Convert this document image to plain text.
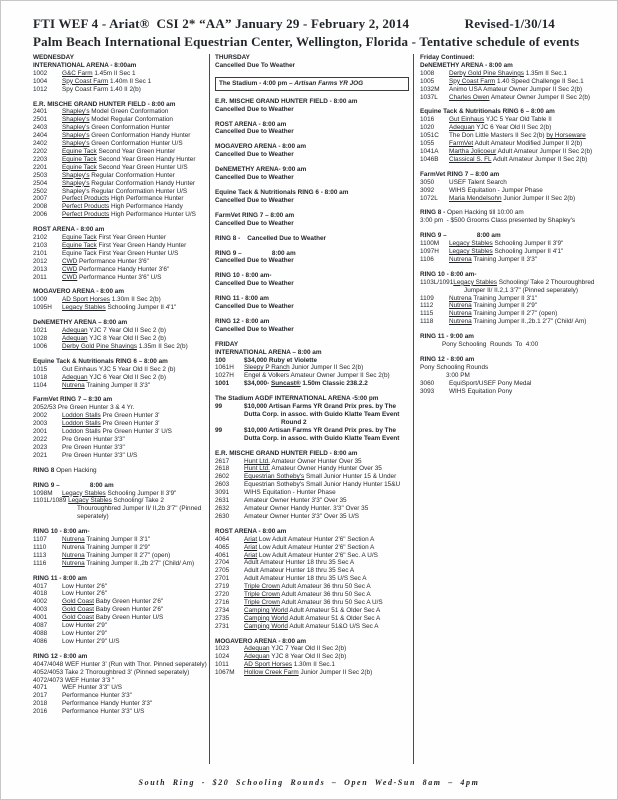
FTI WEF 4 - Ariat®  CSI 2* “AA” January 29 - February 2, 2014	Revised-1/30/14
Palm Beach International Equestrian Center, Wellington, Florida - Tentative schedule of events
WEDNESDAY
INTERNATIONAL ARENA - 8:00am
1002	G&C Farm 1.45m II Sec 1
1004	Spy Coast Farm 1.40m II Sec 1
1012	Spy Coast Farm 1.40 II 2(b)
E.R. MISCHE GRAND HUNTER FIELD - 8:00 am
2401	Shapley's Model Green Conformation
2501	Shapley's Model Regular Conformation
2403	Shapley's Green Conformation Hunter
2404	Shapley's Green Conformation Handy Hunter
2402	Shapley's Green Conformation Hunter U/S
2202	Equine Tack Second Year Green Hunter
2203	Equine Tack Second Year Green Handy Hunter
2201	Equine Tack Second Year Green Hunter U/S
2503	Shapley's Regular Conformation Hunter
2504	Shapley's Regular Conformation Handy Hunter
2502	Shapley's Regular Conformation Hunter U/S
2007	Perfect Products High Performance Hunter
2008	Perfect Products High Performance Handy
2006	Perfect Products High Performance Hunter U/S
ROST ARENA - 8:00 am
2102	Equine Tack First Year Green Hunter
2103	Equine Tack First Year Green Handy Hunter
2101	Equine Tack First Year Green Hunter U/S
2012	CWD Performance Hunter 3'6"
2013	CWD Performance Handy Hunter 3'6"
2011	CWD Performance Hunter 3'6" U/S
MOGAVERO ARENA - 8:00 am
1009	AD Sport Horses 1.30m II Sec 2(b)
1095H	Legacy Stables Schooling Jumper II 4'1"
DeNEMETHY ARENA – 8:00 am
1021	Adequan YJC 7 Year Old II Sec 2 (b)
1028	Adequan YJC 8 Year Old II Sec 2 (b)
1006	Derby Gold Pine Shavings 1.35m II Sec 2(b)
Equine Tack & Nutritionals RING 6 – 8:00 am
1015	Gut Einhaus YJC 5 Year Old II Sec 2 (b)
1018	Adequan YJC 6 Year Old II Sec 2 (b)
1104	Nutrena Training Jumper II 3'3"
FarmVet RING 7 – 8:30 am
2052/53 Pre Green Hunter 3 & 4 Yr.
2002	Loddon Stalls Pre Green Hunter 3'
2003	Loddon Stalls Pre Green Hunter 3'
2001	Loddon Stalls Pre Green Hunter 3' U/S
2022	Pre Green Hunter 3'3"
2023	Pre Green Hunter 3'3"
2021	Pre Green Hunter 3'3" U/S
RING 8 Open Hacking
RING 9 –                 8:00 am
1098M	Legacy Stables Schooling Jumper II 3'9"
1101L/1089 Legacy Stables Schooling/ Take 2 Thouroughbred Jumper II/ II,2b 3'7" (Pinned seperately)
RING 10 - 8:00 am-
1107	Nutrena Training Jumper II 3'1"
1110	Nutrena Training Jumper II 2'9"
1113	Nutrena Training Jumper II 2'7" (open)
1116	Nutrena Training Jumper II.,2b 2'7" (Child/ Am)
RING 11 - 8:00 am
4017	Low Hunter 2'6"
4018	Low Hunter 2'6"
4002	Gold Coast Baby Green Hunter 2'6"
4003	Gold Coast Baby Green Hunter 2'6"
4001	Gold Coast Baby Green Hunter U/S
4087	Low Hunter 2'9"
4088	Low Hunter 2'9"
4086	Low Hunter 2'9" U/S
RING 12 - 8:00 am
4047/4048 WEF Hunter 3' (Run with Thor. Pinned seperately)
4052/4053 Take 2 Thoroughbred 3' (Pinned seperately)
4072/4073 WEF Hunter 3'3 "
4071	WEF Hunter 3'3" U/S
2017	Performance Hunter 3'3"
2018	Performance Handy Hunter 3'3"
2016	Performance Hunter 3'3" U/S
THURSDAY
Cancelled Due To Weather
The Stadium - 4:00 pm – Artisan Farms YR JOG
E.R. MISCHE GRAND HUNTER FIELD - 8:00 am
Cancelled Due to Weather
ROST ARENA - 8:00 am
Cancelled Due to Weather
MOGAVERO ARENA - 8:00 am
Cancelled Due to Weather
DeNEMETHY ARENA- 9:00 am
Cancelled Due to Weather
Equine Tack & Nutritionals RING 6 - 8:00 am
Cancelled Due to Weather
FarmVet RING 7 – 8:00 am
Cancelled Due to Weather
RING 8 -    Cancelled Due to Weather
RING 9 –                 8:00 am
Cancelled Due to Weather
RING 10 - 8:00 am-
Cancelled Due to Weather
RING 11 - 8:00 am
Cancelled Due to Weather
RING 12 - 8:00 am
Cancelled Due to Weather
FRIDAY
INTERNATIONAL ARENA – 8:00 am
100	$34,000 Ruby et Violette
1061H	Sleepy P Ranch Junior Jumper II Sec 2(b)
1027H	Engel & Volkers Amateur Owner Jumper II Sec 2(b)
1001	$34,000- Suncast® 1.50m Classic 238.2.2
The Stadium AGDF INTERNATIONAL ARENA -5:00 pm
99	$10,000 Artisan Farms YR Grand Prix pres. by The Dutta Corp. in assoc. with Guido Klatte Team Event
Round 2
99	$10,000 Artisan Farms YR Grand Prix pres. by The Dutta Corp. in assoc. with Guido Klatte Team Event
E.R. MISCHE GRAND HUNTER FIELD - 8:00 am
2617	Hunt Ltd. Amateur Owner Hunter Over 35
2618	Hunt Ltd. Amateur Owner Handy Hunter Over 35
2602	Equestrian Sotheby's Small Junior Hunter 15 & Under
2603	Equestrian Sotheby's Small Junior Handy Hunter 15&U
3091	WIHS Equitation - Hunter Phase
2631	Amateur Owner Hunter 3'3" Over 35
2632	Amateur Owner Handy Hunter. 3'3" Over 35
2630	Amateur Owner Hunter 3'3" Over 35 U/S
ROST ARENA - 8:00 am
4064	Ariat Low Adult Amateur Hunter 2'6" Section A
4065	Ariat Low Adult Amateur Hunter 2'6" Section A
4061	Ariat Low Adult Amateur Hunter 2'6" Sec. A U/S
2704	Adult Amateur Hunter 18 thru 35 Sec A
2705	Adult Amateur Hunter 18 thru 35 Sec A
2701	Adult Amateur Hunter 18 thru 35 U/S Sec A
2719	Triple Crown Adult Amateur 36 thru 50 Sec A
2720	Triple Crown Adult Amateur 36 thru 50 Sec A
2716	Triple Crown Adult Amateur 36 thru 50 Sec A U/S
2734	Camping World Adult Amateur 51 & Older Sec A
2735	Camping World Adult Amateur 51 & Older Sec A
2731	Camping World Adult Amateur 51&O U/S Sec A
MOGAVERO ARENA - 8:00 am
1023	Adequan YJC 7 Year Old II Sec 2(b)
1024	Adequan YJC 8 Year Old II Sec 2(b)
1011	AD Sport Horses 1.30m II Sec.1
1067M	Hollow Creek Farm Junior Jumper II Sec 2(b)
Friday Continued:
DeNEMETHY ARENA - 8:00 am
1008	Derby Gold Pine Shavings 1.35m II Sec.1
1005	Spy Coast Farm 1.40 Speed Challenge II Sec.1
1032M	Animo USA Amateur Owner Jumper II Sec 2(b)
1037L	Charles Owen Amateur Owner Jumper II Sec 2(b)
Equine Tack & Nutritionals RING 6 – 8:00 am
1016	Gut Einhaus YJC 5 Year Old Table II
1020	Adequan YJC 6 Year Old II Sec 2(b)
1051C	The Don Little Masters II Sec 2(b) by Horseware
1055	FarmVet Adult Amateur Modified Jumper II 2(b)
1041A	Martha Jolicoeur Adult Amateur Jumper II Sec 2(b)
1046B	Classical S. FL Adult Amateur Jumper II Sec 2(b)
FarmVet RING 7 – 8:00 am
3050	USEF Talent Search
3092	WIHS Equitation - Jumper Phase
1072L	Maria Mendelsohn Junior Jumper II Sec 2(b)
RING 8 - Open Hacking till 10:00 am
3:00 pm  - $500 Grooms Class presented by Shapley's
RING 9 –                 8:00 am
1100M	Legacy Stables Schooling Jumper II 3'9"
1097H	Legacy Stables Schooling Jumper II 4'1"
1106	Nutrena Training Jumper II 3'3"
RING 10 - 8:00 am-
1103L/1091Legacy Stables Schooling/ Take 2 Thouroughbred Jumper II/ II.2,1 3'7" (Pinned seperately)
1109	Nutrena Training Jumper II 3'1"
1112	Nutrena Training Jumper II 2'9"
1115	Nutrena Training Jumper II 2'7" (open)
1118	Nutrena Training Jumper II.,2b.1 2'7" (Child/ Am)
RING 11 - 9:00 am
Pony Schooling  Rounds  To  4:00
RING 12 - 8:00 am
Pony Schooling Rounds
3:00 PM
3060	EquiSport/USEF Pony Medal
3093	WIHS Equitation Pony
South Ring - $20 Schooling Rounds – Open Wed-Sun 8am – 4pm
